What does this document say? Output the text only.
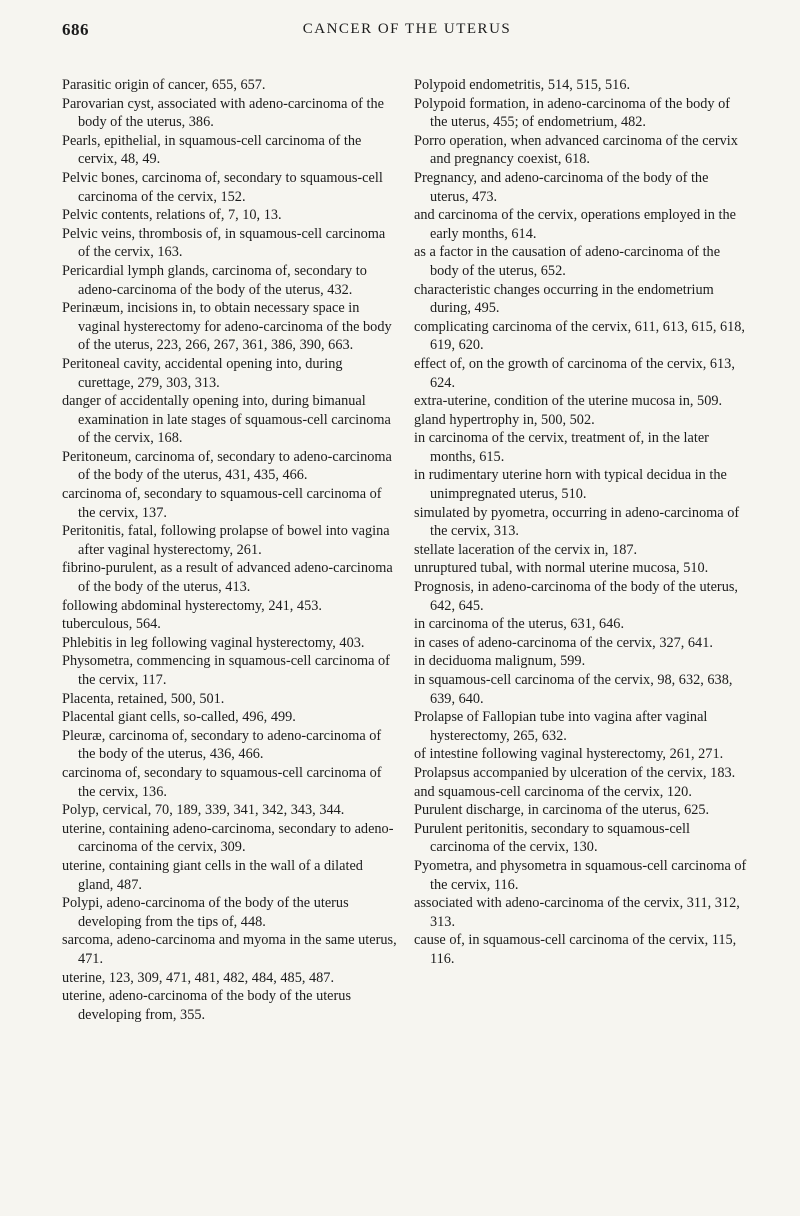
686	CANCER OF THE UTERUS
Parasitic origin of cancer, 655, 657.
Parovarian cyst, associated with adeno-carcinoma of the body of the uterus, 386.
Pearls, epithelial, in squamous-cell carcinoma of the cervix, 48, 49.
Pelvic bones, carcinoma of, secondary to squamous-cell carcinoma of the cervix, 152.
Pelvic contents, relations of, 7, 10, 13.
Pelvic veins, thrombosis of, in squamous-cell carcinoma of the cervix, 163.
Pericardial lymph glands, carcinoma of, secondary to adeno-carcinoma of the body of the uterus, 432.
Perinæum, incisions in, to obtain necessary space in vaginal hysterectomy for adeno-carcinoma of the body of the uterus, 223, 266, 267, 361, 386, 390, 663.
Peritoneal cavity, accidental opening into, during curettage, 279, 303, 313.
danger of accidentally opening into, during bimanual examination in late stages of squamous-cell carcinoma of the cervix, 168.
Peritoneum, carcinoma of, secondary to adeno-carcinoma of the body of the uterus, 431, 435, 466.
carcinoma of, secondary to squamous-cell carcinoma of the cervix, 137.
Peritonitis, fatal, following prolapse of bowel into vagina after vaginal hysterectomy, 261.
fibrino-purulent, as a result of advanced adeno-carcinoma of the body of the uterus, 413.
following abdominal hysterectomy, 241, 453.
tuberculous, 564.
Phlebitis in leg following vaginal hysterectomy, 403.
Physometra, commencing in squamous-cell carcinoma of the cervix, 117.
Placenta, retained, 500, 501.
Placental giant cells, so-called, 496, 499.
Pleuræ, carcinoma of, secondary to adeno-carcinoma of the body of the uterus, 436, 466.
carcinoma of, secondary to squamous-cell carcinoma of the cervix, 136.
Polyp, cervical, 70, 189, 339, 341, 342, 343, 344.
uterine, containing adeno-carcinoma, secondary to adeno-carcinoma of the cervix, 309.
uterine, containing giant cells in the wall of a dilated gland, 487.
Polypi, adeno-carcinoma of the body of the uterus developing from the tips of, 448.
sarcoma, adeno-carcinoma and myoma in the same uterus, 471.
uterine, 123, 309, 471, 481, 482, 484, 485, 487.
uterine, adeno-carcinoma of the body of the uterus developing from, 355.
Polypoid endometritis, 514, 515, 516.
Polypoid formation, in adeno-carcinoma of the body of the uterus, 455; of endometrium, 482.
Porro operation, when advanced carcinoma of the cervix and pregnancy coexist, 618.
Pregnancy, and adeno-carcinoma of the body of the uterus, 473.
and carcinoma of the cervix, operations employed in the early months, 614.
as a factor in the causation of adeno-carcinoma of the body of the uterus, 652.
characteristic changes occurring in the endometrium during, 495.
complicating carcinoma of the cervix, 611, 613, 615, 618, 619, 620.
effect of, on the growth of carcinoma of the cervix, 613, 624.
extra-uterine, condition of the uterine mucosa in, 509.
gland hypertrophy in, 500, 502.
in carcinoma of the cervix, treatment of, in the later months, 615.
in rudimentary uterine horn with typical decidua in the unimpregnated uterus, 510.
simulated by pyometra, occurring in adeno-carcinoma of the cervix, 313.
stellate laceration of the cervix in, 187.
unruptured tubal, with normal uterine mucosa, 510.
Prognosis, in adeno-carcinoma of the body of the uterus, 642, 645.
in carcinoma of the uterus, 631, 646.
in cases of adeno-carcinoma of the cervix, 327, 641.
in deciduoma malignum, 599.
in squamous-cell carcinoma of the cervix, 98, 632, 638, 639, 640.
Prolapse of Fallopian tube into vagina after vaginal hysterectomy, 265, 632.
of intestine following vaginal hysterectomy, 261, 271.
Prolapsus accompanied by ulceration of the cervix, 183.
and squamous-cell carcinoma of the cervix, 120.
Purulent discharge, in carcinoma of the uterus, 625.
Purulent peritonitis, secondary to squamous-cell carcinoma of the cervix, 130.
Pyometra, and physometra in squamous-cell carcinoma of the cervix, 116.
associated with adeno-carcinoma of the cervix, 311, 312, 313.
cause of, in squamous-cell carcinoma of the cervix, 115, 116.
